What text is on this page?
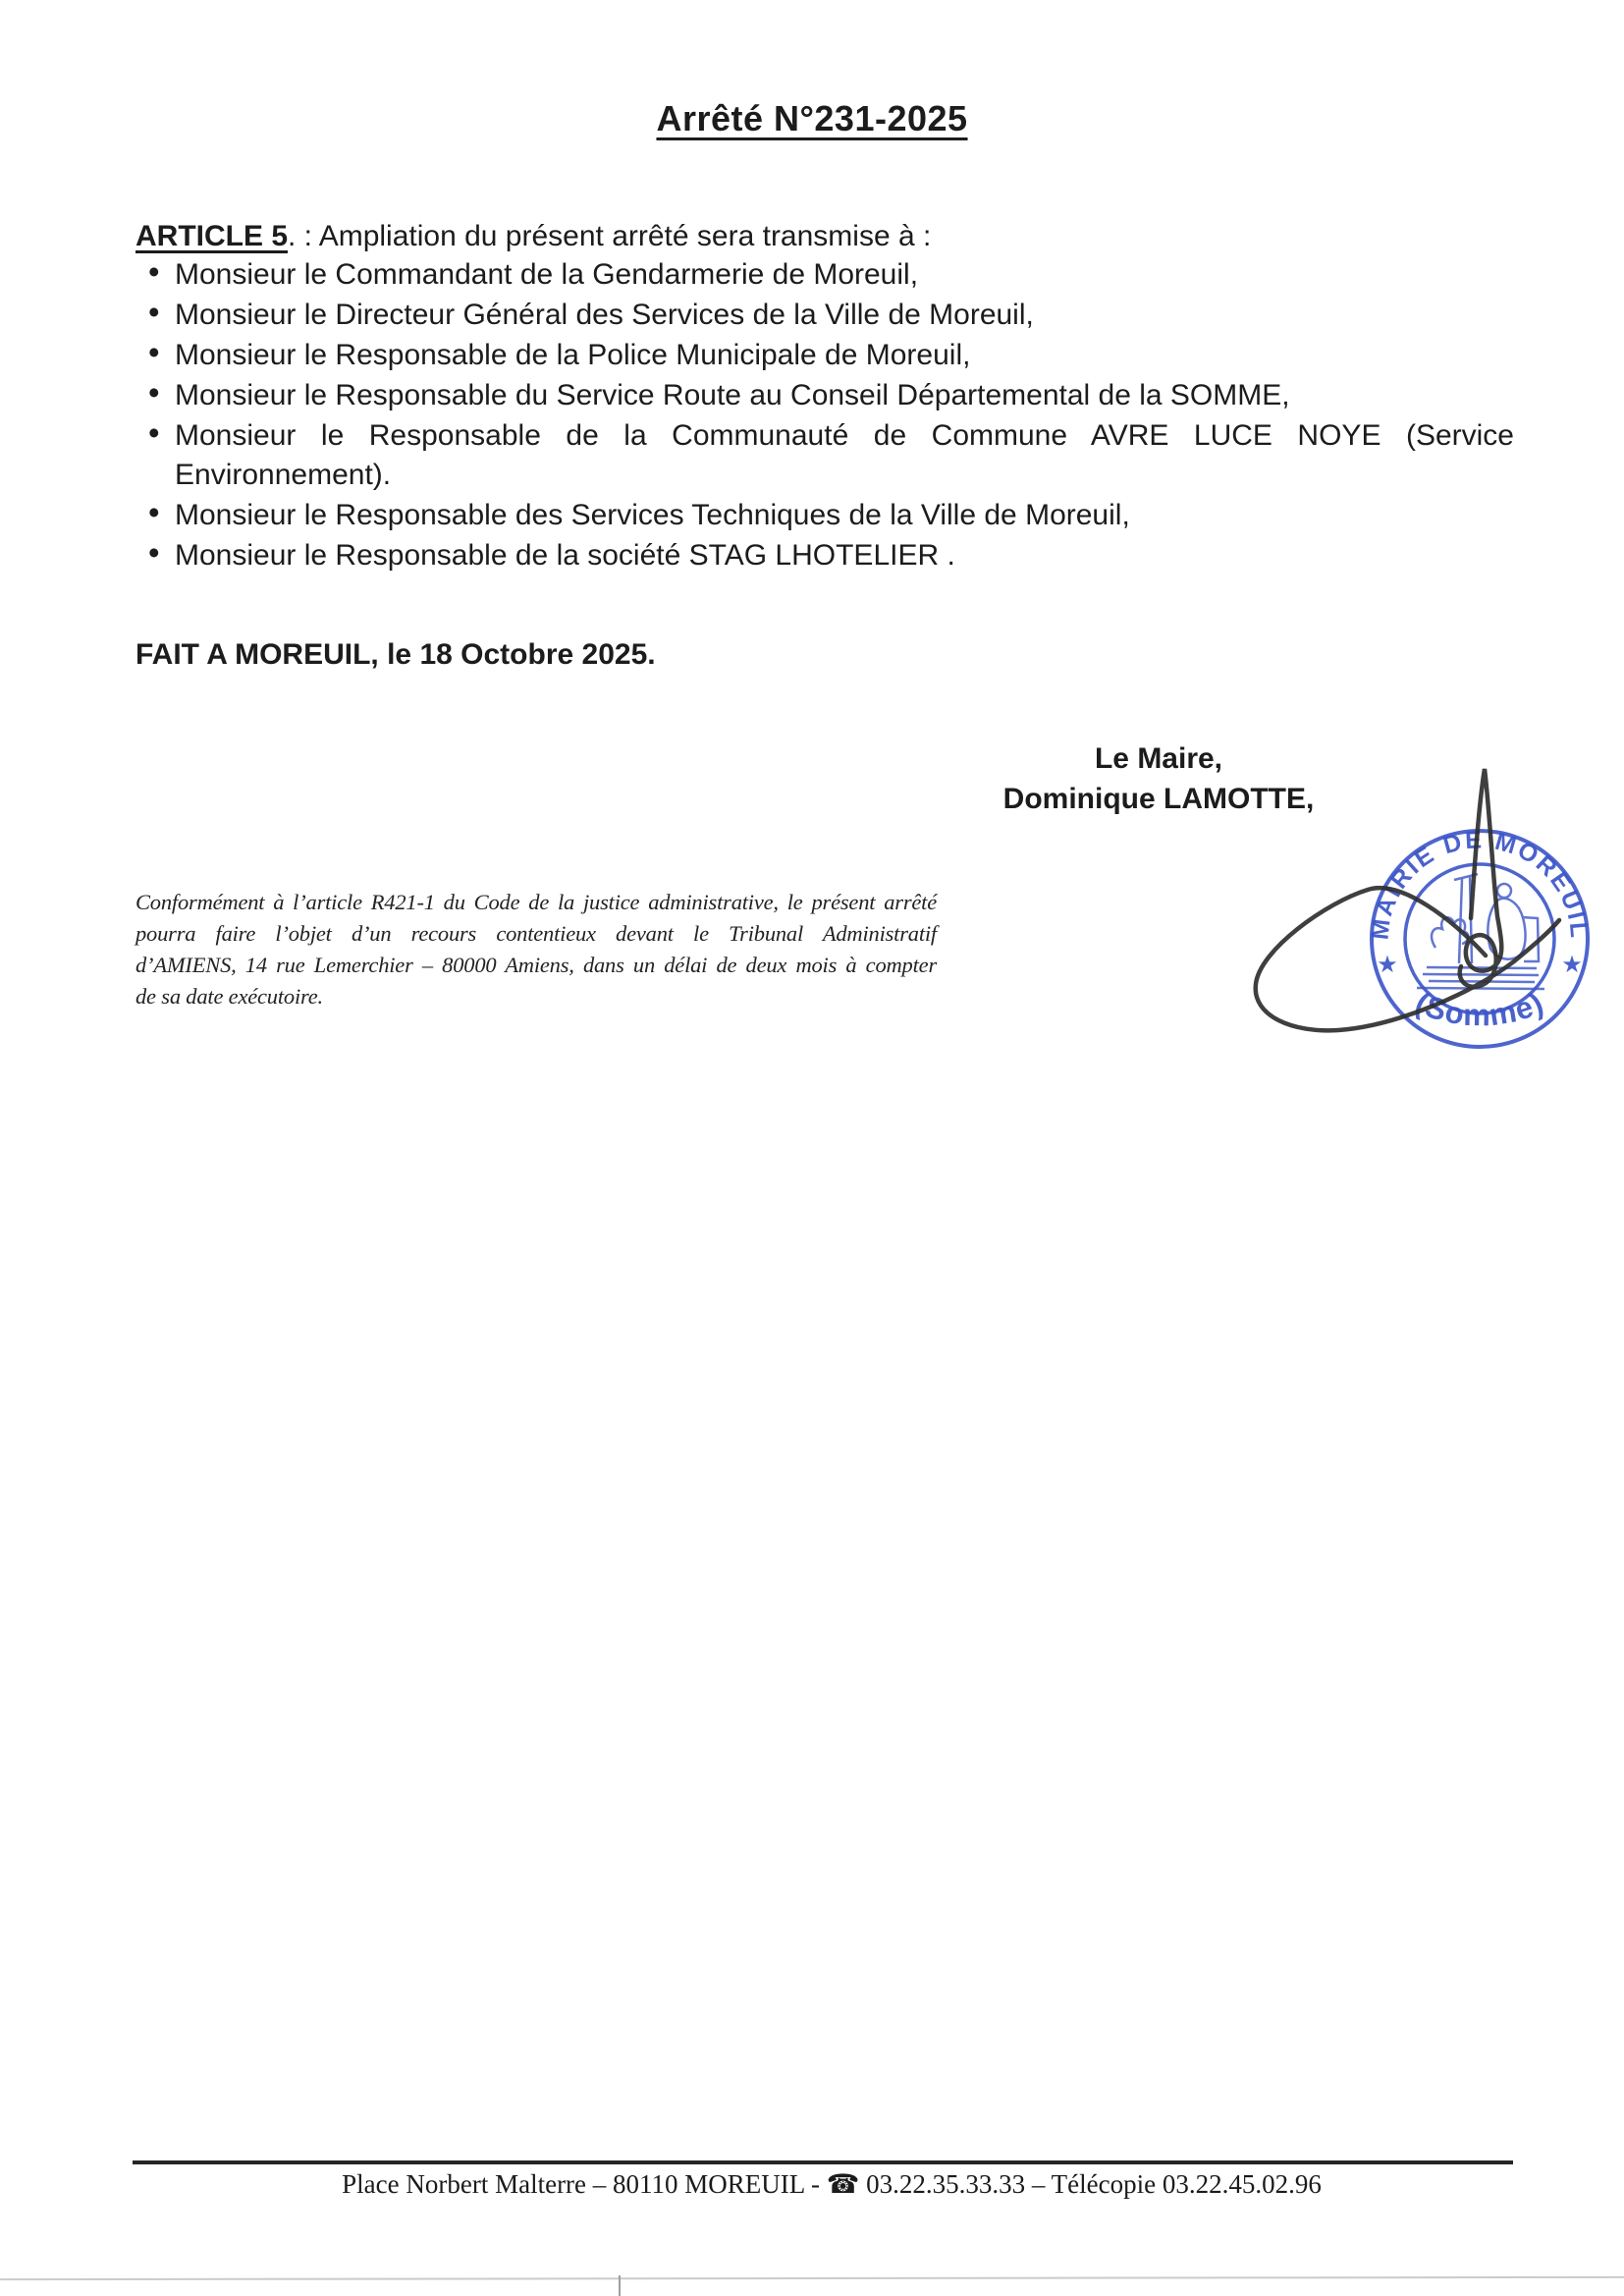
Arrêté N°231-2025
ARTICLE 5. : Ampliation du présent arrêté sera transmise à :
• Monsieur le Commandant de la Gendarmerie de Moreuil,
• Monsieur le Directeur Général des Services de la Ville de Moreuil,
• Monsieur le Responsable de la Police Municipale de Moreuil,
• Monsieur le Responsable du Service Route au Conseil Départemental de la SOMME,
• Monsieur le Responsable de la Communauté de Commune AVRE LUCE NOYE (Service
Environnement).
• Monsieur le Responsable des Services Techniques de la Ville de Moreuil,
• Monsieur le Responsable de la société STAG LHOTELIER .
FAIT A MOREUIL, le 18 Octobre 2025.
Le Maire,
Dominique LAMOTTE,
Conformément à l’article R421-1 du Code de la justice administrative, le présent arrêté
pourra faire l’objet d’un recours contentieux devant le Tribunal Administratif
d’AMIENS, 14 rue Lemerchier – 80000 Amiens, dans un délai de deux mois à compter
de sa date exécutoire.
MAIRIE DE MOREUIL
(Somme)
★	★
Place Norbert Malterre – 80110 MOREUIL - ☎ 03.22.35.33.33 – Télécopie 03.22.45.02.96
